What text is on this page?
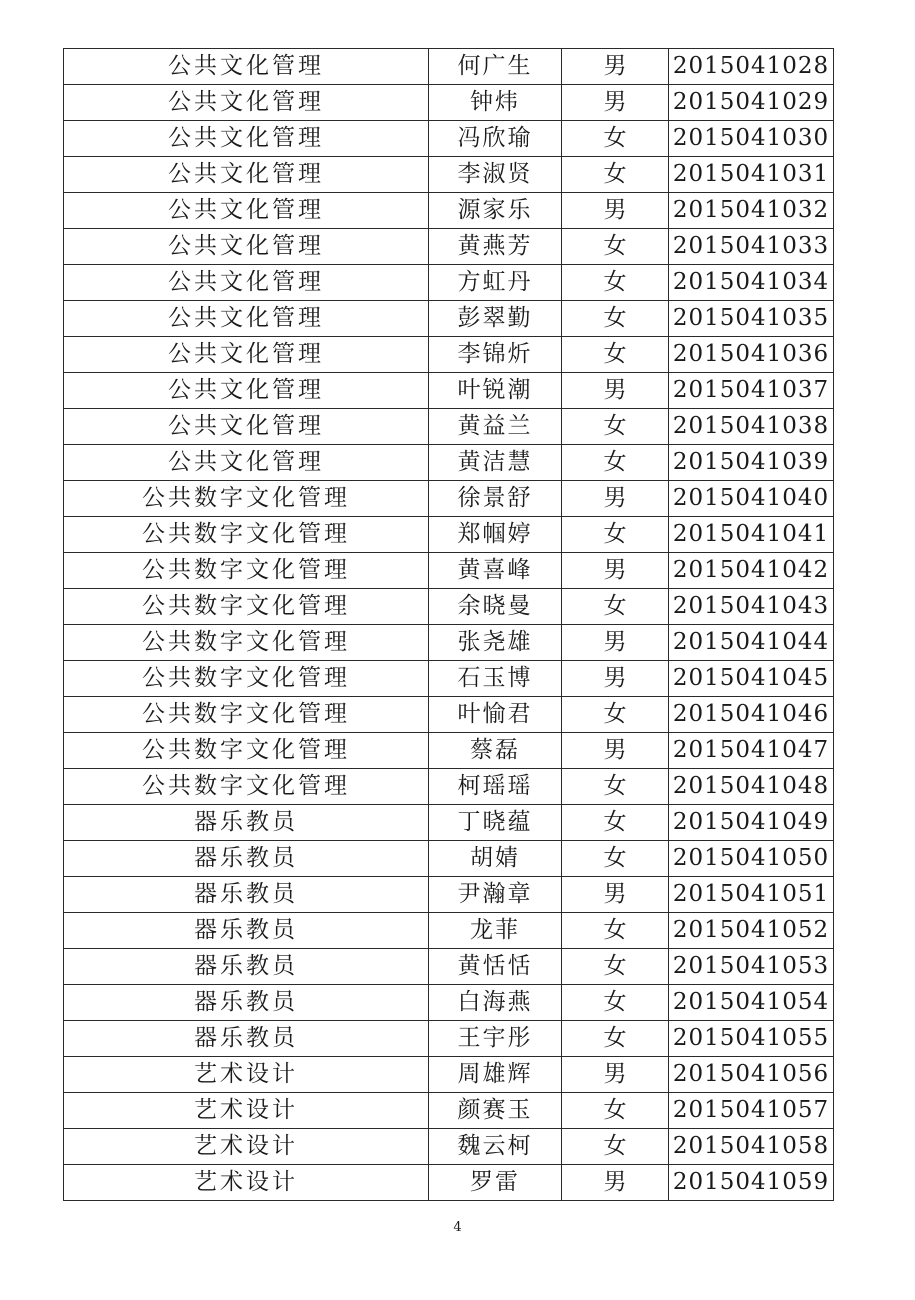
公共文化管理	何广生	男	2015041028
公共文化管理	钟炜	男	2015041029
公共文化管理	冯欣瑜	女	2015041030
公共文化管理	李淑贤	女	2015041031
公共文化管理	源家乐	男	2015041032
公共文化管理	黄燕芳	女	2015041033
公共文化管理	方虹丹	女	2015041034
公共文化管理	彭翠勤	女	2015041035
公共文化管理	李锦炘	女	2015041036
公共文化管理	叶锐潮	男	2015041037
公共文化管理	黄益兰	女	2015041038
公共文化管理	黄洁慧	女	2015041039
公共数字文化管理	徐景舒	男	2015041040
公共数字文化管理	郑帼婷	女	2015041041
公共数字文化管理	黄喜峰	男	2015041042
公共数字文化管理	余晓曼	女	2015041043
公共数字文化管理	张尧雄	男	2015041044
公共数字文化管理	石玉博	男	2015041045
公共数字文化管理	叶愉君	女	2015041046
公共数字文化管理	蔡磊	男	2015041047
公共数字文化管理	柯瑶瑶	女	2015041048
器乐教员	丁晓蕴	女	2015041049
器乐教员	胡婧	女	2015041050
器乐教员	尹瀚章	男	2015041051
器乐教员	龙菲	女	2015041052
器乐教员	黄恬恬	女	2015041053
器乐教员	白海燕	女	2015041054
器乐教员	王宇彤	女	2015041055
艺术设计	周雄辉	男	2015041056
艺术设计	颜赛玉	女	2015041057
艺术设计	魏云柯	女	2015041058
艺术设计	罗雷	男	2015041059
4
